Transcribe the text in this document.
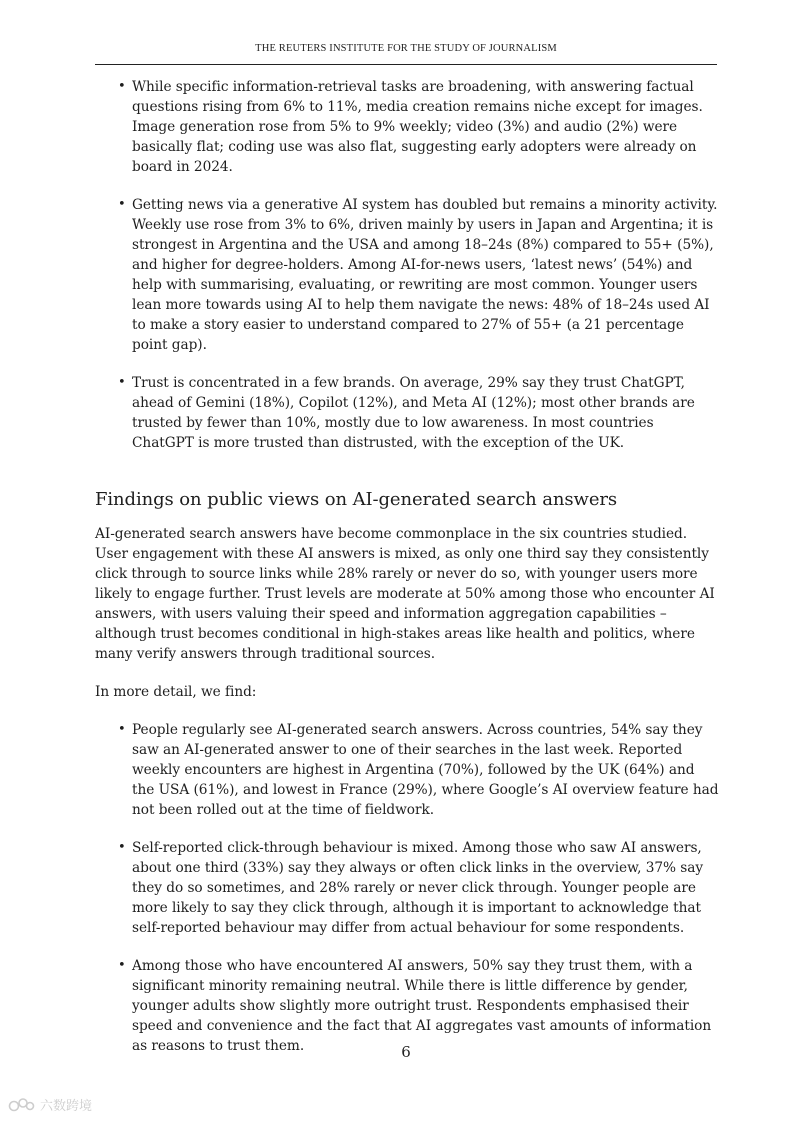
THE REUTERS INSTITUTE FOR THE STUDY OF JOURNALISM
• While specific information-retrieval tasks are broadening, with answering factual questions rising from 6% to 11%, media creation remains niche except for images. Image generation rose from 5% to 9% weekly; video (3%) and audio (2%) were basically flat; coding use was also flat, suggesting early adopters were already on board in 2024.
• Getting news via a generative AI system has doubled but remains a minority activity. Weekly use rose from 3% to 6%, driven mainly by users in Japan and Argentina; it is strongest in Argentina and the USA and among 18–24s (8%) compared to 55+ (5%), and higher for degree-holders. Among AI-for-news users, ‘latest news’ (54%) and help with summarising, evaluating, or rewriting are most common. Younger users lean more towards using AI to help them navigate the news: 48% of 18–24s used AI to make a story easier to understand compared to 27% of 55+ (a 21 percentage point gap).
• Trust is concentrated in a few brands. On average, 29% say they trust ChatGPT, ahead of Gemini (18%), Copilot (12%), and Meta AI (12%); most other brands are trusted by fewer than 10%, mostly due to low awareness. In most countries ChatGPT is more trusted than distrusted, with the exception of the UK.
Findings on public views on AI-generated search answers

AI-generated search answers have become commonplace in the six countries studied. User engagement with these AI answers is mixed, as only one third say they consistently click through to source links while 28% rarely or never do so, with younger users more likely to engage further. Trust levels are moderate at 50% among those who encounter AI answers, with users valuing their speed and information aggregation capabilities – although trust becomes conditional in high-stakes areas like health and politics, where many verify answers through traditional sources.

In more detail, we find:

• People regularly see AI-generated search answers. Across countries, 54% say they saw an AI-generated answer to one of their searches in the last week. Reported weekly encounters are highest in Argentina (70%), followed by the UK (64%) and the USA (61%), and lowest in France (29%), where Google’s AI overview feature had not been rolled out at the time of fieldwork.
• Self-reported click-through behaviour is mixed. Among those who saw AI answers, about one third (33%) say they always or often click links in the overview, 37% say they do so sometimes, and 28% rarely or never click through. Younger people are more likely to say they click through, although it is important to acknowledge that self-reported behaviour may differ from actual behaviour for some respondents.
• Among those who have encountered AI answers, 50% say they trust them, with a significant minority remaining neutral. While there is little difference by gender, younger adults show slightly more outright trust. Respondents emphasised their speed and convenience and the fact that AI aggregates vast amounts of information as reasons to trust them.	6
六数跨境
